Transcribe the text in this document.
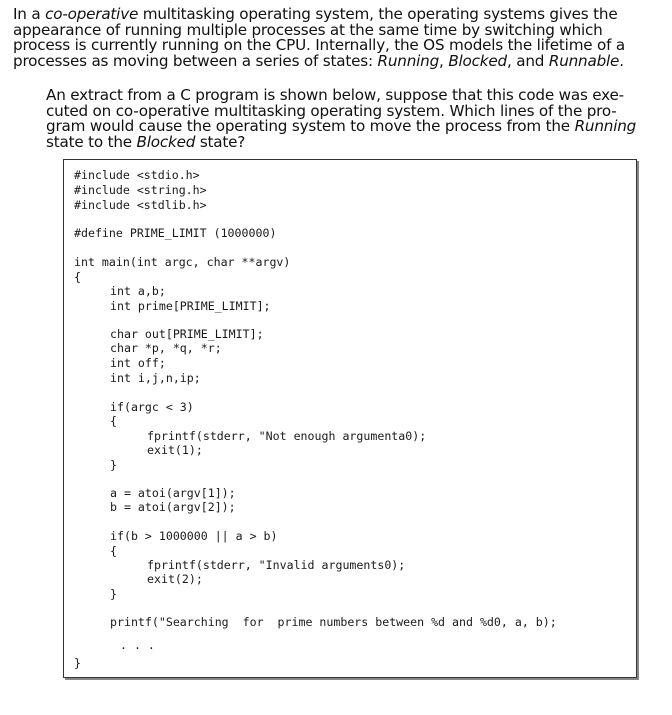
In a co-operative multitasking operating system, the operating systems gives the
appearance of running multiple processes at the same time by switching which
process is currently running on the CPU. Internally, the OS models the lifetime of a
processes as moving between a series of states: Running, Blocked, and Runnable.
An extract from a C program is shown below, suppose that this code was exe-
cuted on co-operative multitasking operating system. Which lines of the pro-
gram would cause the operating system to move the process from the Running
state to the Blocked state?
#include <stdio.h>
#include <string.h>
#include <stdlib.h>
#define PRIME_LIMIT (1000000)
int main(int argc, char **argv)
{
int a,b;
int prime[PRIME_LIMIT];
char out[PRIME_LIMIT];
char *p, *q, *r;
int off;
int i,j,n,ip;
if(argc < 3)
{
fprintf(stderr, "Not enough argumenta0);
exit(1);
}
a = atoi(argv[1]);
b = atoi(argv[2]);
if(b > 1000000 || a > b)
{
fprintf(stderr, "Invalid arguments0);
exit(2);
}
printf("Searching  for  prime numbers between %d and %d0, a, b);
. . .
}
